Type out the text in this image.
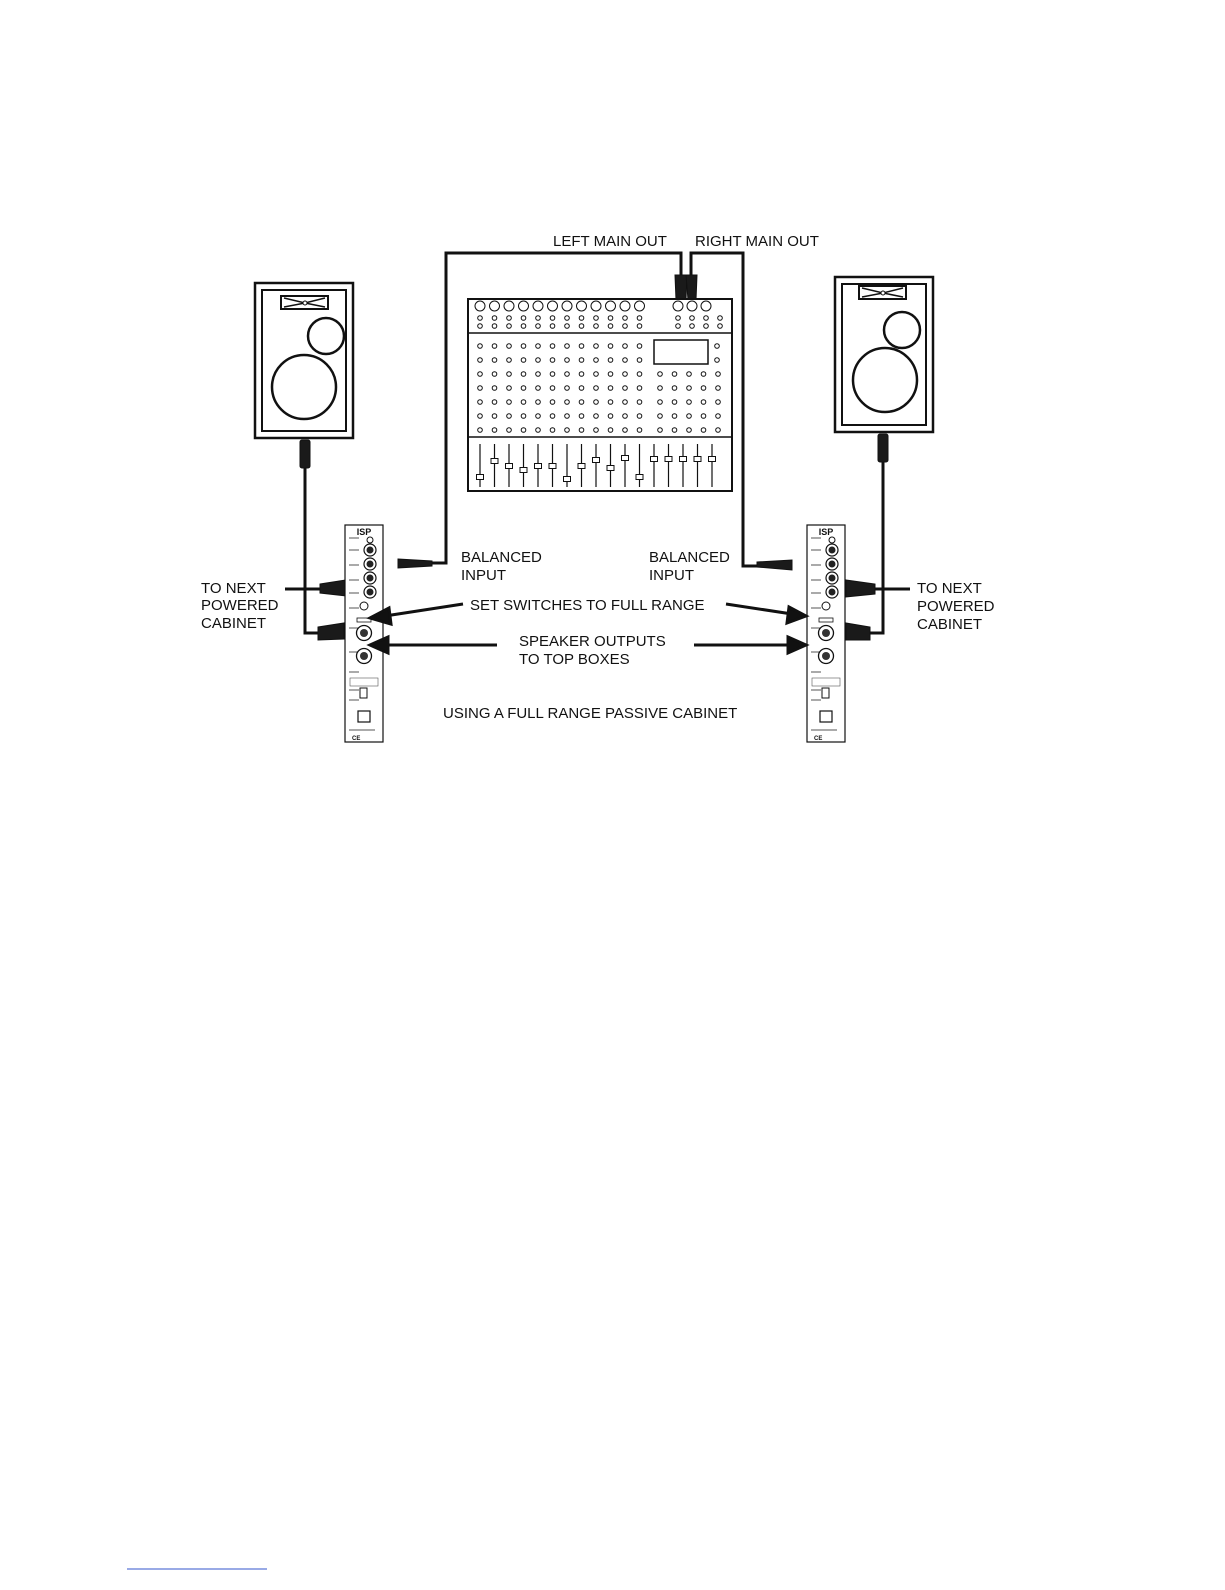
ISP
CE
ISP
CE
LEFT MAIN OUT RIGHT MAIN OUT
BALANCED
INPUT
BALANCED
INPUT
TO NEXT
POWERED
CABINET
TO NEXT
POWERED
CABINET
SET SWITCHES TO FULL RANGE
SPEAKER OUTPUTS
TO TOP BOXES
USING A FULL RANGE PASSIVE CABINET
